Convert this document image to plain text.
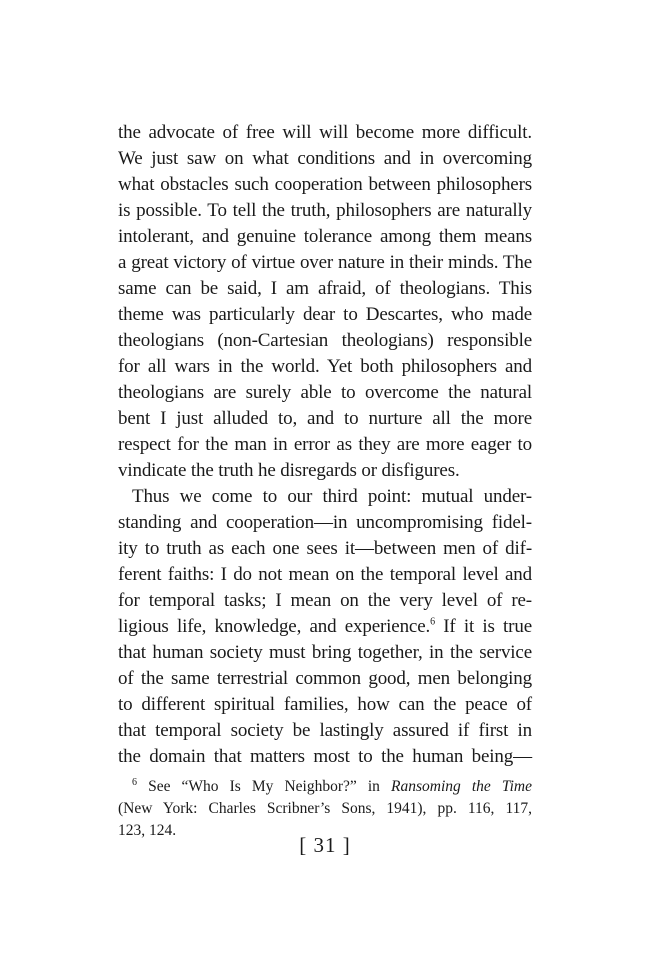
the advocate of free will will become more difficult.
We just saw on what conditions and in overcoming
what obstacles such cooperation between philosophers
is possible. To tell the truth, philosophers are naturally
intolerant, and genuine tolerance among them means
a great victory of virtue over nature in their minds. The
same can be said, I am afraid, of theologians. This
theme was particularly dear to Descartes, who made
theologians (non-Cartesian theologians) responsible
for all wars in the world. Yet both philosophers and
theologians are surely able to overcome the natural
bent I just alluded to, and to nurture all the more
respect for the man in error as they are more eager to
vindicate the truth he disregards or disfigures.
Thus we come to our third point: mutual under-
standing and cooperation—in uncompromising fidel-
ity to truth as each one sees it—between men of dif-
ferent faiths: I do not mean on the temporal level and
for temporal tasks; I mean on the very level of re-
ligious life, knowledge, and experience.$^6$ If it is true
that human society must bring together, in the service
of the same terrestrial common good, men belonging
to different spiritual families, how can the peace of
that temporal society be lastingly assured if first in
the domain that matters most to the human being—
$^6$ See “Who Is My Neighbor?” in Ransoming the Time
(New York: Charles Scribner’s Sons, 1941), pp. 116, 117,
123, 124.
[ 31 ]
